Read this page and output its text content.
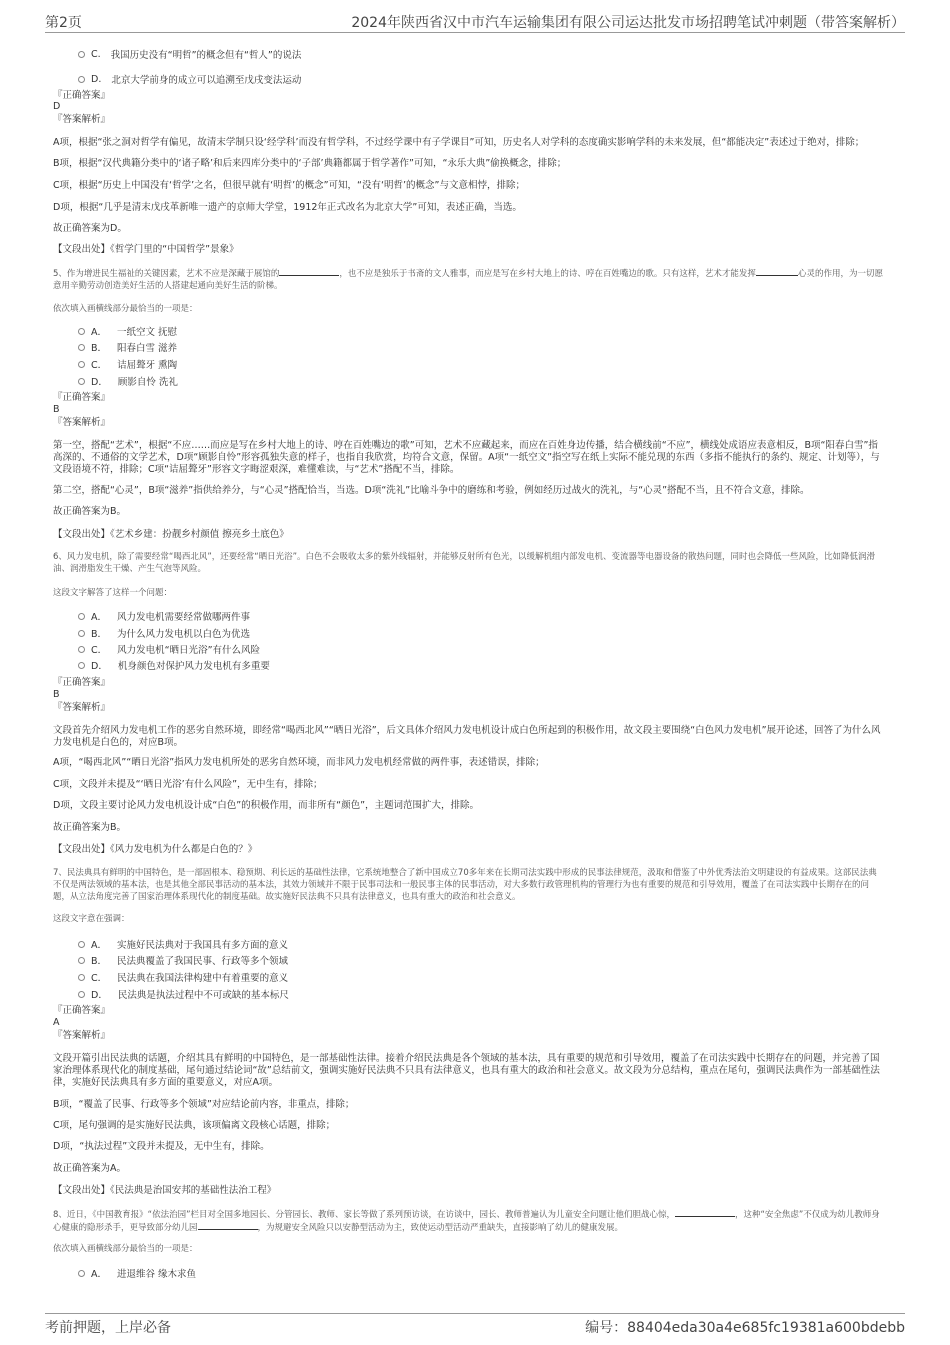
第2页	2024年陕西省汉中市汽车运输集团有限公司运达批发市场招聘笔试冲刺题（带答案解析）
C. 我国历史没有“明哲”的概念但有“哲人”的说法
D. 北京大学前身的成立可以追溯至戊戌变法运动
『正确答案』
D
『答案解析』
A项，根据“张之洞对哲学有偏见，故清末学制只设‘经学科’而没有哲学科，不过经学课中有子学课目”可知，历史名人对学科的态度确实影响学科的未来发展，但“都能决定”表述过于绝对，排除；
B项，根据“汉代典籍分类中的‘诸子略’和后来四库分类中的‘子部’典籍都属于哲学著作”可知，“永乐大典”偷换概念，排除；
C项，根据“历史上中国没有‘哲学’之名，但很早就有‘明哲’的概念”可知，“没有‘明哲’的概念”与文意相悖，排除；
D项，根据“几乎是清末戊戌革新唯一遗产的京师大学堂，1912年正式改名为北京大学”可知，表述正确，当选。
故正确答案为D。
【文段出处】《哲学门里的“中国哲学”景象》
5、作为增进民生福祉的关键因素，艺术不应是深藏于展馆的	，也不应是独乐于书斋的文人雅事，而应是写在乡村大地上的诗、哼在百姓嘴边的歌。只有这样，艺术才能发挥	心灵的作用，为一切愿意用辛勤劳动创造美好生活的人搭建起通向美好生活的阶梯。
依次填入画横线部分最恰当的一项是：
A． 一纸空文 抚慰
B． 阳春白雪 滋养
C． 诘屈聱牙 熏陶
D． 顾影自怜 洗礼
『正确答案』
B
『答案解析』
第一空，搭配“艺术”，根据“不应……而应是写在乡村大地上的诗、哼在百姓嘴边的歌”可知，艺术不应藏起来，而应在百姓身边传播，结合横线前“不应”，横线处成语应表意相反，B项“阳春白雪”指高深的、不通俗的文学艺术，D项“顾影自怜”形容孤独失意的样子，也指自我欣赏，均符合文意，保留。A项“一纸空文”指空写在纸上实际不能兑现的东西（多指不能执行的条约、规定、计划等），与文段语境不符，排除；C项“诘屈聱牙”形容文字晦涩艰深，难懂难读，与“艺术”搭配不当，排除。
第二空，搭配“心灵”，B项“滋养”指供给养分，与“心灵”搭配恰当，当选。D项“洗礼”比喻斗争中的磨练和考验，例如经历过战火的洗礼，与“心灵”搭配不当，且不符合文意，排除。
故正确答案为B。
【文段出处】《艺术乡建：扮靓乡村颜值 擦亮乡土底色》
6、风力发电机，除了需要经常“喝西北风”，还要经常“晒日光浴”。白色不会吸收太多的紫外线辐射，并能够反射所有色光，以缓解机组内部发电机、变流器等电器设备的散热问题，同时也会降低一些风险，比如降低润滑油、润滑脂发生干燥、产生气泡等风险。
这段文字解答了这样一个问题：
A． 风力发电机需要经常做哪两件事
B． 为什么风力发电机以白色为优选
C． 风力发电机“晒日光浴”有什么风险
D． 机身颜色对保护风力发电机有多重要
『正确答案』
B
『答案解析』
文段首先介绍风力发电机工作的恶劣自然环境，即经常“喝西北风”“晒日光浴”，后文具体介绍风力发电机设计成白色所起到的积极作用，故文段主要围绕“白色风力发电机”展开论述，回答了为什么风力发电机是白色的，对应B项。
A项，“喝西北风”“晒日光浴”指风力发电机所处的恶劣自然环境，而非风力发电机经常做的两件事，表述错误，排除；
C项，文段并未提及“‘晒日光浴’有什么风险”，无中生有，排除；
D项，文段主要讨论风力发电机设计成“白色”的积极作用，而非所有“颜色”，主题词范围扩大，排除。
故正确答案为B。
【文段出处】《风力发电机为什么都是白色的？》
7、民法典具有鲜明的中国特色，是一部固根本、稳预期、利长远的基础性法律，它系统地整合了新中国成立70多年来在长期司法实践中形成的民事法律规范，汲取和借鉴了中外优秀法治文明建设的有益成果。这部民法典不仅是两法领域的基本法，也是其他全部民事活动的基本法，其效力领域并不限于民事司法和一般民事主体的民事活动，对大多数行政管理机构的管理行为也有重要的规范和引导效用，覆盖了在司法实践中长期存在的问题，从立法角度完善了国家治理体系现代化的制度基础。故实施好民法典不只具有法律意义，也具有重大的政治和社会意义。
这段文字意在强调：
A． 实施好民法典对于我国具有多方面的意义
B． 民法典覆盖了我国民事、行政等多个领域
C． 民法典在我国法律构建中有着重要的意义
D． 民法典是执法过程中不可或缺的基本标尺
『正确答案』
A
『答案解析』
文段开篇引出民法典的话题，介绍其具有鲜明的中国特色，是一部基础性法律。接着介绍民法典是各个领域的基本法，具有重要的规范和引导效用，覆盖了在司法实践中长期存在的问题，并完善了国家治理体系现代化的制度基础，尾句通过结论词“故”总结前文，强调实施好民法典不只具有法律意义，也具有重大的政治和社会意义。故文段为分总结构，重点在尾句，强调民法典作为一部基础性法律，实施好民法典具有多方面的重要意义，对应A项。
B项，“覆盖了民事、行政等多个领域”对应结论前内容，非重点，排除；
C项，尾句强调的是实施好民法典，该项偏离文段核心话题，排除；
D项，“执法过程”文段并未提及，无中生有，排除。
故正确答案为A。
【文段出处】《民法典是治国安邦的基础性法治工程》
8、近日，《中国教育报》“依法治园”栏目对全国多地园长、分管园长、教师、家长等做了系列预访谈，在访谈中，园长、教师普遍认为儿童安全问题让他们胆战心惊，	，这种“安全焦虑”不仅成为幼儿教师身心健康的隐形杀手，更导致部分幼儿园	，为规避安全风险只以安静型活动为主，致使运动型活动严重缺失，直接影响了幼儿的健康发展。
依次填入画横线部分最恰当的一项是：
A． 进退维谷 缘木求鱼
考前押题，上岸必备	编号：88404eda30a4e685fc19381a600bdebb
